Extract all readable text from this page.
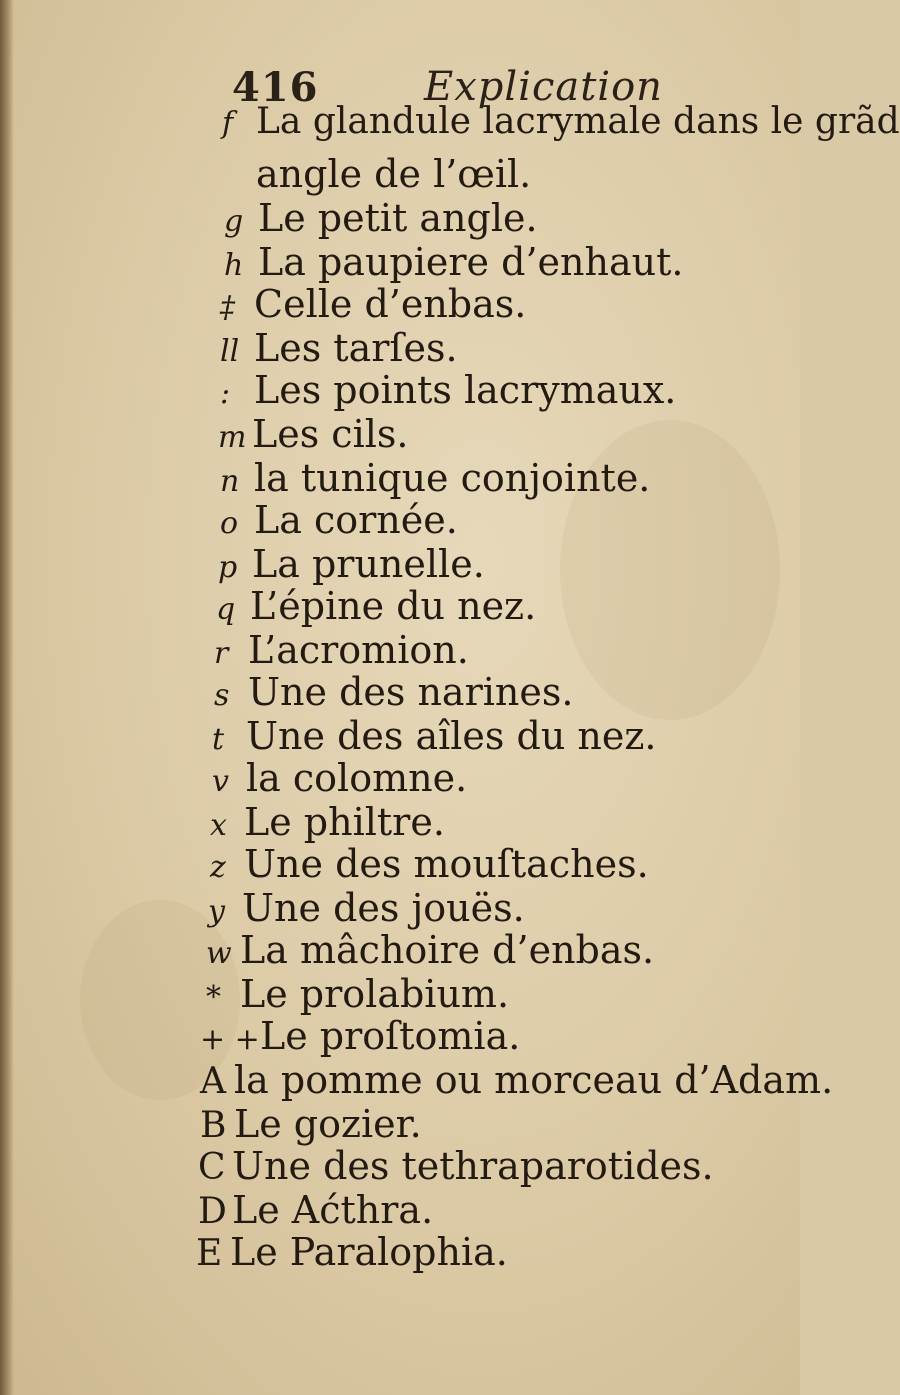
416	Explication
f La glandule lacrymale dans le grãd
angle de l’œil.
g Le petit angle.
h La paupiere d’enhaut.
‡ Celle d’enbas.
ll Les tarſes.
: Les points lacrymaux.
m Les cils.
n la tunique conjointe.
o La cornée.
p La prunelle.
q L’épine du nez.
r L’acromion.
s Une des narines.
t Une des aîles du nez.
v la colomne.
x Le philtre.
z Une des mouſtaches.
y Une des jouës.
w La mâchoire d’enbas.
* Le prolabium.
+ +Le proſtomia.
A la pomme ou morceau d’Adam.
B Le gozier.
C Une des tethraparotides.
D Le Aćthra.
E Le Paralophia.
